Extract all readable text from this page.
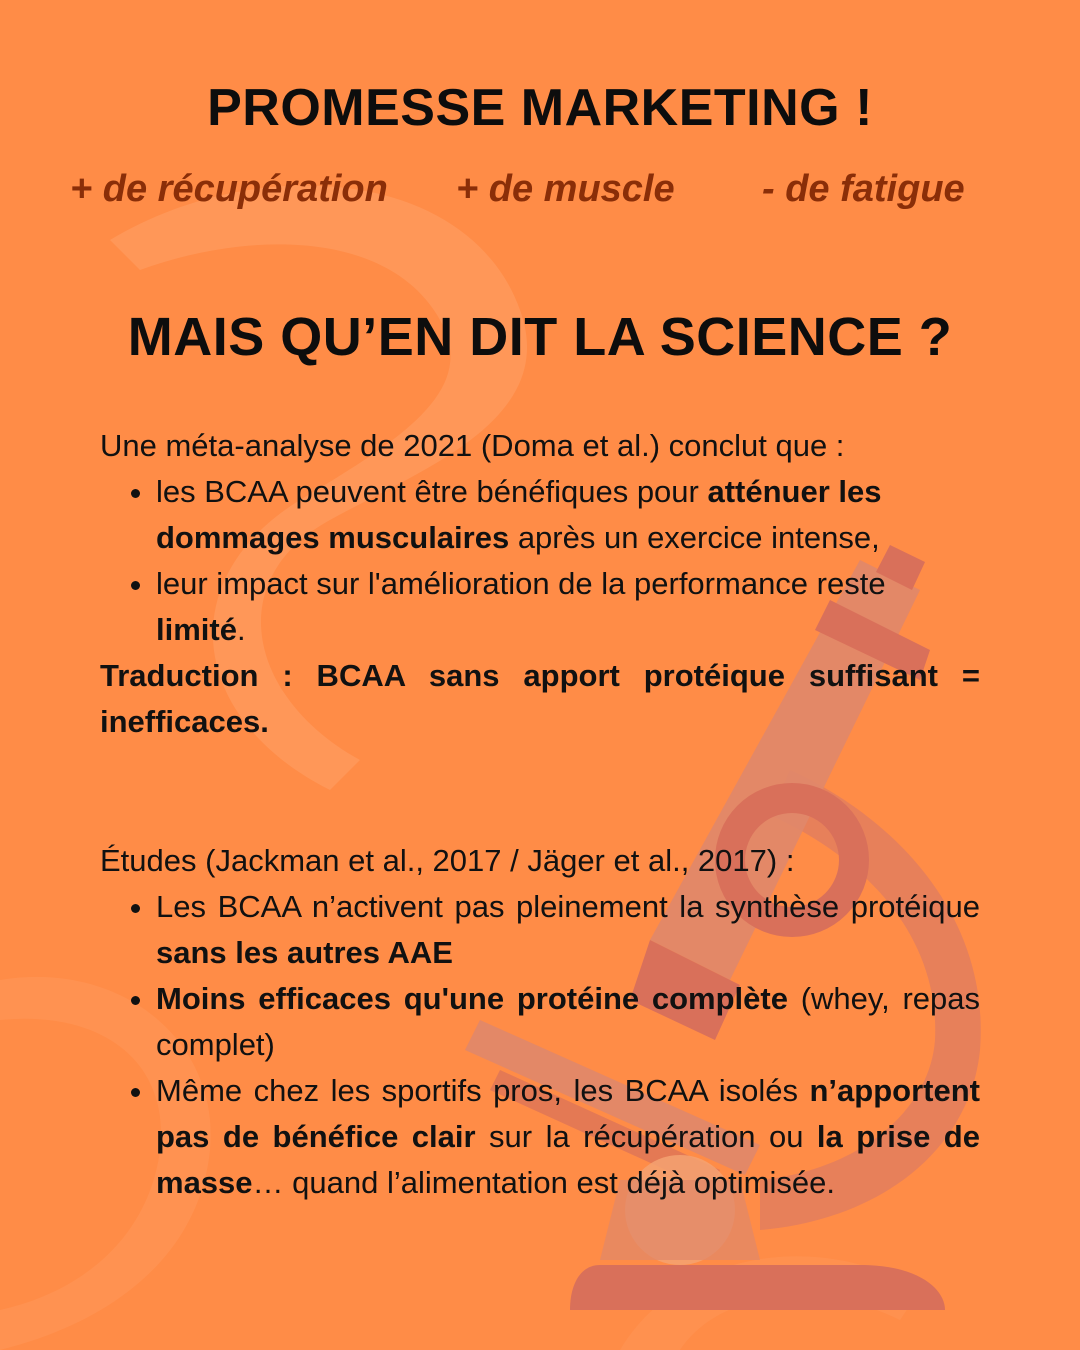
PROMESSE MARKETING !
+ de récupération + de muscle - de fatigue
MAIS QU’EN DIT LA SCIENCE ?
Une méta-analyse de 2021 (Doma et al.) conclut que :
• les BCAA peuvent être bénéfiques pour atténuer les dommages musculaires après un exercice intense,
• leur impact sur l'amélioration de la performance reste limité.
Traduction : BCAA sans apport protéique suffisant = inefficaces.
Études (Jackman et al., 2017 / Jäger et al., 2017) :
• Les BCAA n’activent pas pleinement la synthèse protéique sans les autres AAE
• Moins efficaces qu'une protéine complète (whey, repas complet)
• Même chez les sportifs pros, les BCAA isolés n’apportent pas de bénéfice clair sur la récupération ou la prise de masse… quand l’alimentation est déjà optimisée.
